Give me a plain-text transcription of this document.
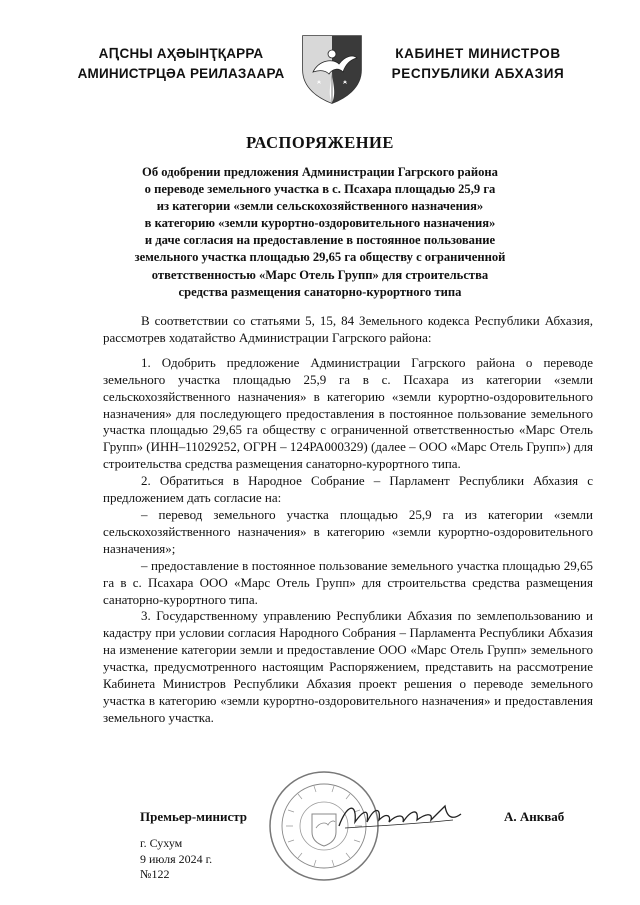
АԤСНЫ АҲӘЫНҬҚАРРА
АМИНИСТРЦӘА РЕИЛАЗААРА
КАБИНЕТ МИНИСТРОВ
РЕСПУБЛИКИ АБХАЗИЯ
РАСПОРЯЖЕНИЕ
Об одобрении предложения Администрации Гагрского района
о переводе земельного участка в с. Псахара площадью 25,9 га
из категории «земли сельскохозяйственного назначения»
в категорию «земли курортно-оздоровительного назначения»
и даче согласия на предоставление в постоянное пользование
земельного участка площадью 29,65 га обществу с ограниченной
ответственностью «Марс Отель Групп» для строительства
средства размещения санаторно-курортного типа

В соответствии со статьями 5, 15, 84 Земельного кодекса Республики Абхазия, рассмотрев ходатайство Администрации Гагрского района:

1. Одобрить предложение Администрации Гагрского района о переводе земельного участка площадью 25,9 га в с. Псахара из категории «земли сельскохозяйственного назначения» в категорию «земли курортно-оздоровительного назначения» для последующего предоставления в постоянное пользование земельного участка площадью 29,65 га обществу с ограниченной ответственностью «Марс Отель Групп» (ИНН–11029252, ОГРН – 124РА000329) (далее – ООО «Марс Отель Групп») для строительства средства размещения санаторно-курортного типа.

2. Обратиться в Народное Собрание – Парламент Республики Абхазия с предложением дать согласие на:

– перевод земельного участка площадью 25,9 га из категории «земли сельскохозяйственного назначения» в категорию «земли курортно-оздоровительного назначения»;

– предоставление в постоянное пользование земельного участка площадью 29,65 га в с. Псахара ООО «Марс Отель Групп» для строительства средства размещения санаторно-курортного типа.

3. Государственному управлению Республики Абхазия по землепользованию и кадастру при условии согласия Народного Собрания – Парламента Республики Абхазия на изменение категории земли и предоставление ООО «Марс Отель Групп» земельного участка, предусмотренного настоящим Распоряжением, представить на рассмотрение Кабинета Министров Республики Абхазия проект решения о переводе земельного участка в категорию «земли курортно-оздоровительного назначения» и предоставления земельного участка.

Премьер-министр	А. Анкваб
г. Сухум
9 июля 2024 г.
№122
